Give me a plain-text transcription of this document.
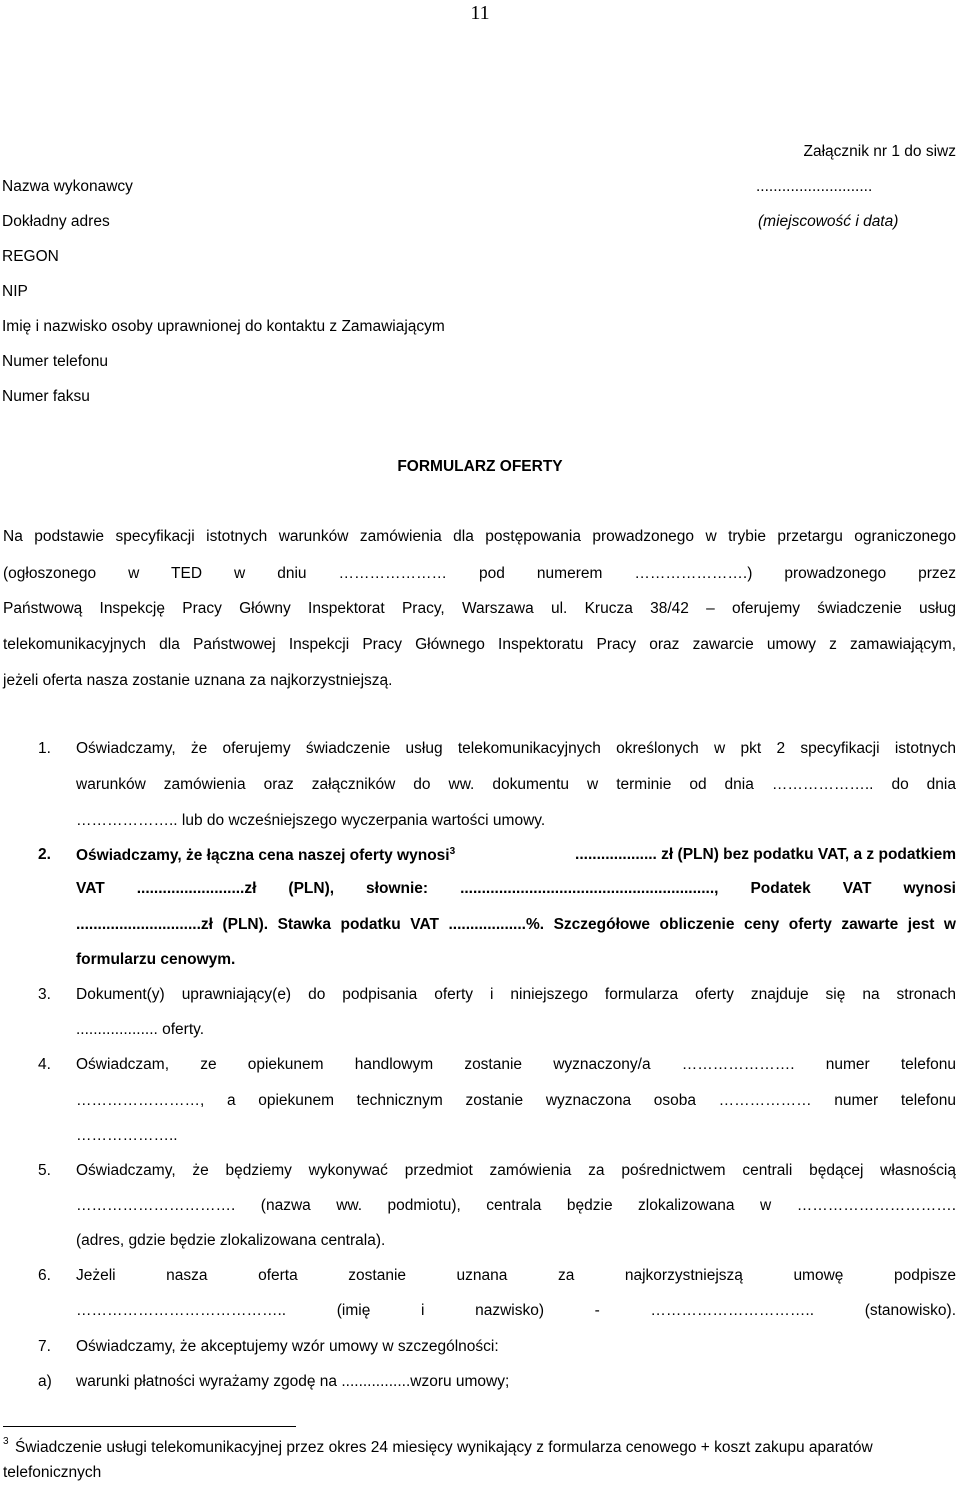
11
Załącznik nr 1 do siwz
...........................
(miejscowość i data)
Nazwa wykonawcy
Dokładny adres
REGON
NIP
Imię i nazwisko osoby uprawnionej do kontaktu z Zamawiającym
Numer telefonu
Numer faksu
FORMULARZ OFERTY
Na podstawie specyfikacji istotnych warunków zamówienia dla postępowania prowadzonego w trybie przetargu ograniczonego
(ogłoszonego w TED w dniu ………………… pod numerem ………………….) prowadzonego przez
Państwową Inspekcję Pracy Główny Inspektorat Pracy, Warszawa ul. Krucza 38/42 – oferujemy świadczenie usług
telekomunikacyjnych dla Państwowej Inspekcji Pracy Głównego Inspektoratu Pracy oraz zawarcie umowy z zamawiającym,
jeżeli oferta nasza zostanie uznana za najkorzystniejszą.
1. Oświadczamy, że oferujemy świadczenie usług telekomunikacyjnych określonych w pkt 2 specyfikacji istotnych
warunków zamówienia oraz załączników do ww. dokumentu w terminie od dnia ……………….. do dnia
……………….. lub do wcześniejszego wyczerpania wartości umowy.
2. Oświadczamy, że łączna cena naszej oferty wynosi$^3$	................... zł (PLN) bez podatku VAT, a z podatkiem
VAT .........................zł (PLN), słownie: ..........................................................., Podatek VAT wynosi
.............................zł (PLN). Stawka podatku VAT ..................%. Szczegółowe obliczenie ceny oferty zawarte jest w
formularzu cenowym.
3. Dokument(y) uprawniający(e) do podpisania oferty i niniejszego formularza oferty znajduje się na stronach
................... oferty.
4. Oświadczam, ze opiekunem handlowym zostanie wyznaczony/a …………………. numer telefonu
……………………, a opiekunem technicznym zostanie wyznaczona osoba ……………… numer telefonu
………………..
5. Oświadczamy, że będziemy wykonywać przedmiot zamówienia za pośrednictwem centrali będącej własnością
…………………………. (nazwa ww. podmiotu), centrala będzie zlokalizowana w ………………………….
(adres, gdzie będzie zlokalizowana centrala).
6. Jeżeli nasza oferta zostanie uznana za najkorzystniejszą umowę podpisze
………………………………….. (imię i nazwisko) - ………………………….. (stanowisko).
7. Oświadczamy, że akceptujemy wzór umowy w szczególności:
a) warunki płatności wyrażamy zgodę na ................wzoru umowy;
3 Świadczenie usługi telekomunikacyjnej przez okres 24 miesięcy wynikający z formularza cenowego + koszt zakupu aparatów
telefonicznych
